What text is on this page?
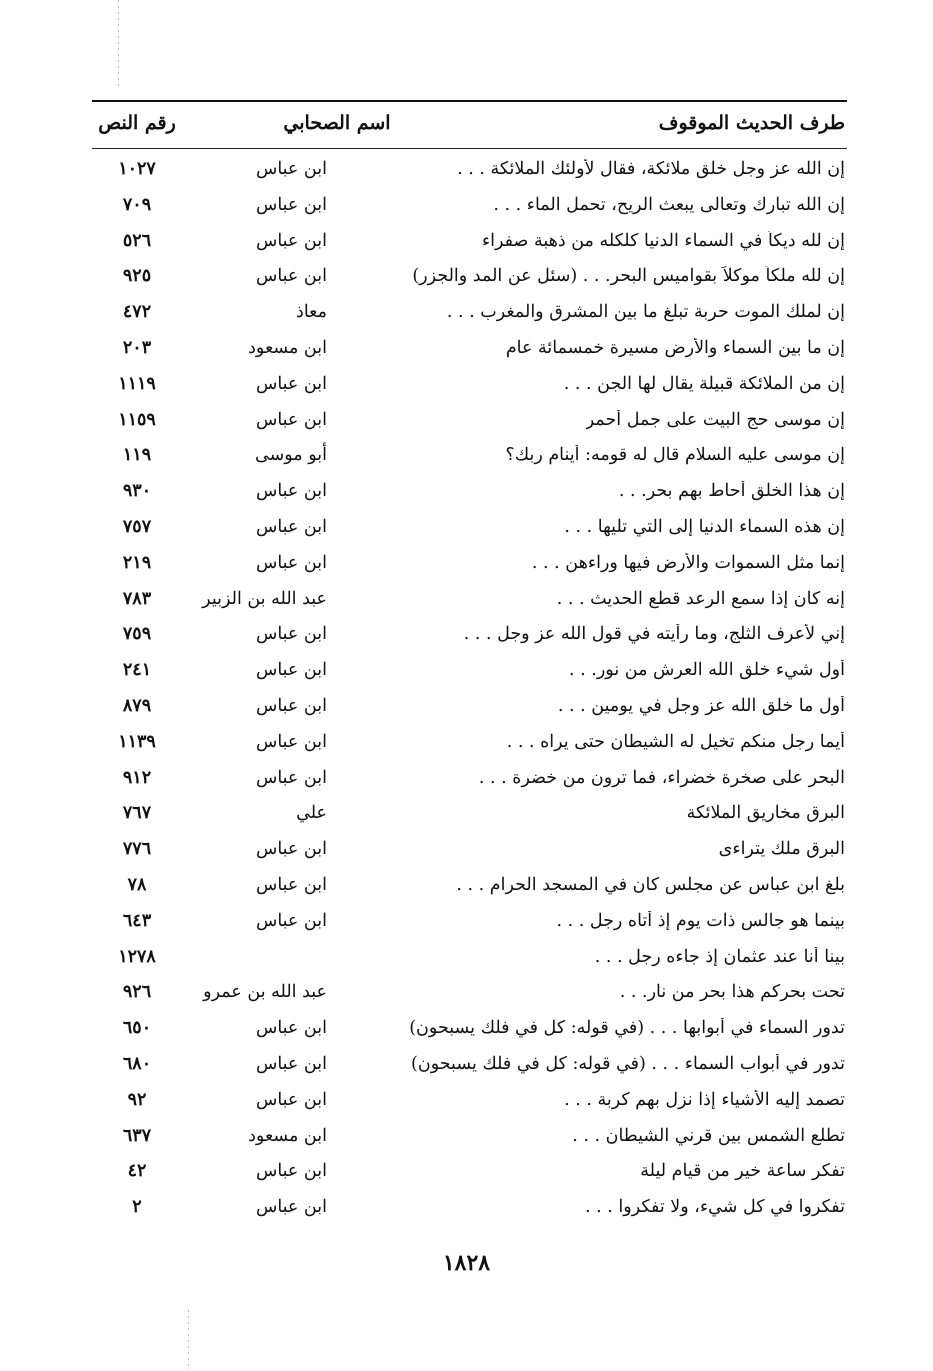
طرف الحديث الموقوف
اسم الصحابي
رقم النص
إن الله عز وجل خلق ملائكة، فقال لأولئك الملائكة . . .
ابن عباس
١٠٢٧
إن الله تبارك وتعالى يبعث الريح، تحمل الماء . . .
ابن عباس
٧٠٩
إن لله ديكاً في السماء الدنيا كلكله من ذهبة صفراء
ابن عباس
٥٢٦
إن لله ملكاً موكلاً بقواميس البحر. . . (سئل عن المد والجزر)
ابن عباس
٩٢٥
إن لملك الموت حربة تبلغ ما بين المشرق والمغرب . . .
معاذ
٤٧٢
إن ما بين السماء والأرض مسيرة خمسمائة عام
ابن مسعود
٢٠٣
إن من الملائكة قبيلة يقال لها الجن . . .
ابن عباس
١١١٩
إن موسى حج البيت على جمل أحمر
ابن عباس
١١٥٩
إن موسى عليه السلام قال له قومه: أينام ربك؟
أبو موسى
١١٩
إن هذا الخلق أحاط بهم بحر. . .
ابن عباس
٩٣٠
إن هذه السماء الدنيا إلى التي تليها . . .
ابن عباس
٧٥٧
إنما مثل السموات والأرض فيها وراءهن . . .
ابن عباس
٢١٩
إنه كان إذا سمع الرعد قطع الحديث . . .
عبد الله بن الزبير
٧٨٣
إني لأعرف الثلج، وما رأيته في قول الله عز وجل . . .
ابن عباس
٧٥٩
أول شيء خلق الله العرش من نور. . .
ابن عباس
٢٤١
أول ما خلق الله عز وجل في يومين . . .
ابن عباس
٨٧٩
أيما رجل منكم تخيل له الشيطان حتى يراه . . .
ابن عباس
١١٣٩
البحر على صخرة خضراء، فما ترون من خضرة . . .
ابن عباس
٩١٢
البرق مخاريق الملائكة
علي
٧٦٧
البرق ملك يتراءى
ابن عباس
٧٧٦
بلغ ابن عباس عن مجلس كان في المسجد الحرام . . .
ابن عباس
٧٨
بينما هو جالس ذات يوم إذ أتاه رجل . . .
ابن عباس
٦٤٣
بينا أنا عند عثمان إذ جاءه رجل . . .
١٢٧٨
تحت بحركم هذا بحر من نار. . .
عبد الله بن عمرو
٩٢٦
تدور السماء في أبوابها . . . (في قوله: كل في فلك يسبحون)
ابن عباس
٦٥٠
تدور في أبواب السماء . . . (في قوله: كل في فلك يسبحون)
ابن عباس
٦٨٠
تصمد إليه الأشياء إذا نزل بهم كربة . . .
ابن عباس
٩٢
تطلع الشمس بين قرني الشيطان . . .
ابن مسعود
٦٣٧
تفكر ساعة خير من قيام ليلة
ابن عباس
٤٢
تفكروا في كل شيء، ولا تفكروا . . .
ابن عباس
٢
١٨٢٨
